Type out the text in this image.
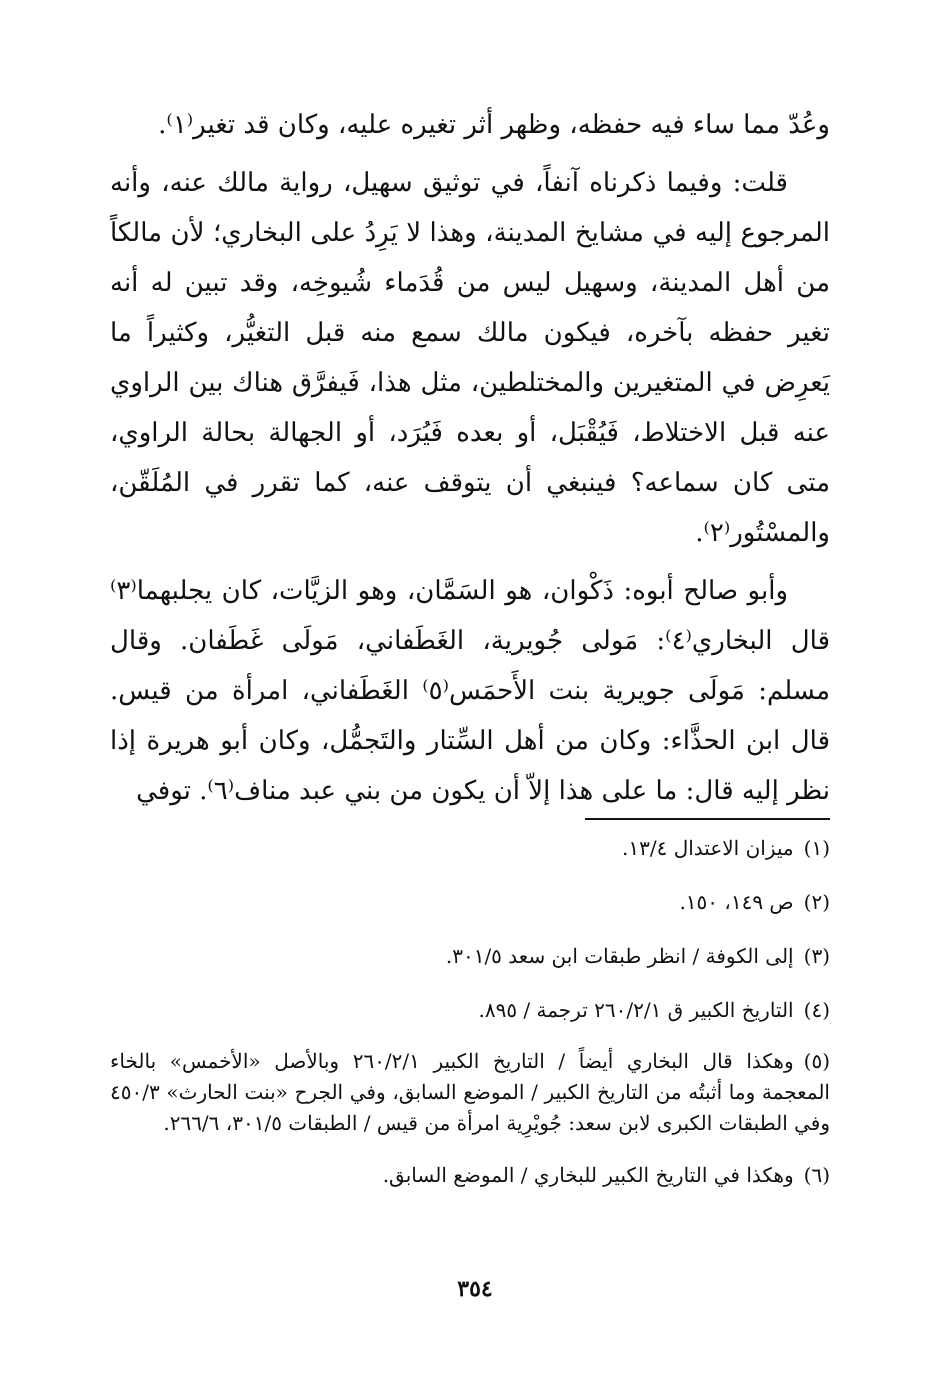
وعُدّ مما ساء فيه حفظه، وظهر أثر تغيره عليه، وكان قد تغير⁽١⁾.

قلت: وفيما ذكرناه آنفاً، في توثيق سهيل، رواية مالك عنه، وأنه المرجوع إليه في مشايخ المدينة، وهذا لا يَرِدُ على البخاري؛ لأن مالكاً من أهل المدينة، وسهيل ليس من قُدَماء شُيوخِه، وقد تبين له أنه تغير حفظه بآخره، فيكون مالك سمع منه قبل التغيُّر، وكثيراً ما يَعرِض في المتغيرين والمختلطين، مثل هذا، فَيفرَّق هناك بين الراوي عنه قبل الاختلاط، فَيُقْبَل، أو بعده فَيُرَد، أو الجهالة بحالة الراوي، متى كان سماعه؟ فينبغي أن يتوقف عنه، كما تقرر في المُلَقّن، والمسْتُور⁽٢⁾.

وأبو صالح أبوه: ذَكْوان، هو السَمَّان، وهو الزيَّات، كان يجلبهما⁽٣⁾ قال البخاري⁽٤⁾: مَولى جُويرية، الغَطَفاني، مَولَى غَطَفان. وقال مسلم: مَولَى جويرية بنت الأَحمَس⁽٥⁾ الغَطَفاني، امرأة من قيس. قال ابن الحذَّاء: وكان من أهل السِّتار والتَجمُّل، وكان أبو هريرة إذا نظر إليه قال: ما على هذا إلاّ أن يكون من بني عبد مناف⁽٦⁾. توفي

(١)ميزان الاعتدال ١٣/٤.

(٢)ص ١٤٩، ١٥٠.

(٣)إلى الكوفة / انظر طبقات ابن سعد ٣٠١/٥.

(٤)التاريخ الكبير ق ٢٦٠/٢/١ ترجمة / ٨٩٥.

(٥)وهكذا قال البخاري أيضاً / التاريخ الكبير ٢٦٠/٢/١ وبالأصل «الأخمس» بالخاء المعجمة وما أثبتُه من التاريخ الكبير / الموضع السابق، وفي الجرح «بنت الحارث» ٤٥٠/٣ وفي الطبقات الكبرى لابن سعد: جُويْرِية امرأة من قيس / الطبقات ٣٠١/٥، ٢٦٦/٦.

(٦)وهكذا في التاريخ الكبير للبخاري / الموضع السابق.

٣٥٤
